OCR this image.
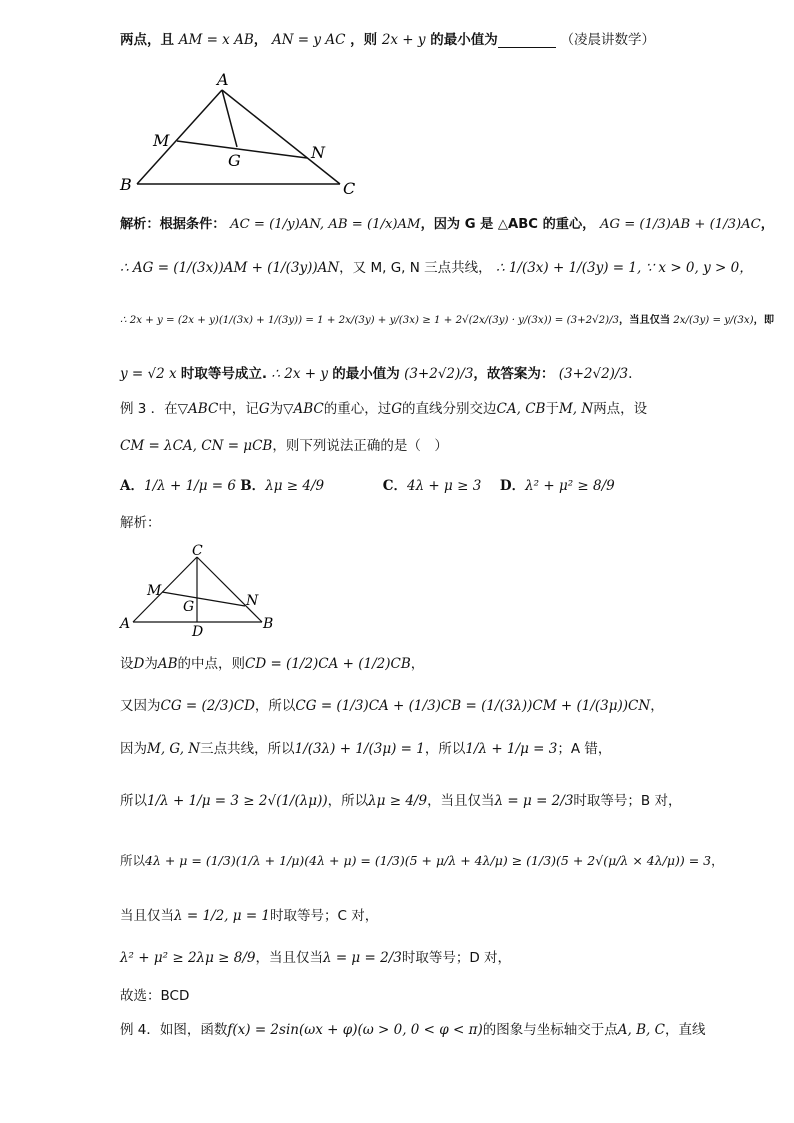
两点，且 AM = x AB， AN = y AC ，则 2x + y 的最小值为	（凌晨讲数学）
A
B	C
M
N
G
解析：根据条件： AC = (1/y)AN, AB = (1/x)AM，因为 G 是 △ABC 的重心， AG = (1/3)AB + (1/3)AC，
∴ AG = (1/(3x))AM + (1/(3y))AN，又 M, G, N 三点共线， ∴ 1/(3x) + 1/(3y) = 1, ∵ x > 0, y > 0，
∴ 2x + y = (2x + y)(1/(3x) + 1/(3y)) = 1 + 2x/(3y) + y/(3x) ≥ 1 + 2√(2x/(3y) · y/(3x)) = (3+2√2)/3，当且仅当 2x/(3y) = y/(3x)，即
y = √2 x 时取等号成立. ∴ 2x + y 的最小值为 (3+2√2)/3，故答案为： (3+2√2)/3.
例 3 ．在▽ABC中，记G为▽ABC的重心，过G的直线分别交边CA, CB于M, N两点，设
CM = λCA, CN = μCB，则下列说法正确的是（　）
A．1/λ + 1/μ = 6 B．λμ ≥ 4/9	C．4λ + μ ≥ 3 D．λ² + μ² ≥ 8/9
解析：
C
A	B
D
M
N
G
设D为AB的中点，则CD = (1/2)CA + (1/2)CB，
又因为CG = (2/3)CD，所以CG = (1/3)CA + (1/3)CB = (1/(3λ))CM + (1/(3μ))CN，
因为M, G, N三点共线，所以1/(3λ) + 1/(3μ) = 1，所以1/λ + 1/μ = 3；A 错，
所以1/λ + 1/μ = 3 ≥ 2√(1/(λμ))，所以λμ ≥ 4/9，当且仅当λ = μ = 2/3时取等号；B 对，
所以4λ + μ = (1/3)(1/λ + 1/μ)(4λ + μ) = (1/3)(5 + μ/λ + 4λ/μ) ≥ (1/3)(5 + 2√(μ/λ × 4λ/μ)) = 3，
当且仅当λ = 1/2, μ = 1时取等号；C 对，
λ² + μ² ≥ 2λμ ≥ 8/9，当且仅当λ = μ = 2/3时取等号；D 对，
故选：BCD
例 4．如图，函数f(x) = 2sin(ωx + φ)(ω > 0, 0 < φ < π)的图象与坐标轴交于点A, B, C，直线
